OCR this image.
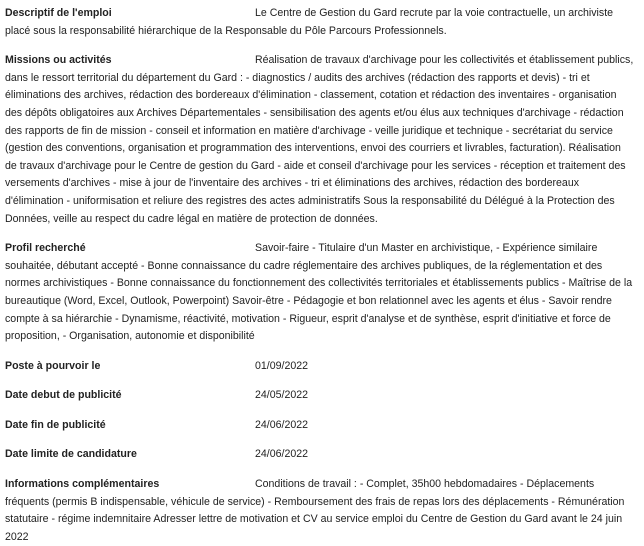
Descriptif de l'emploi	Le Centre de Gestion du Gard recrute par la voie contractuelle, un archiviste placé sous la responsabilité hiérarchique de la Responsable du Pôle Parcours Professionnels.
Missions ou activités	Réalisation de travaux d'archivage pour les collectivités et établissement publics, dans le ressort territorial du département du Gard : - diagnostics / audits des archives (rédaction des rapports et devis) - tri et éliminations des archives, rédaction des bordereaux d'élimination - classement, cotation et rédaction des inventaires - organisation des dépôts obligatoires aux Archives Départementales - sensibilisation des agents et/ou élus aux techniques d'archivage - rédaction des rapports de fin de mission - conseil et information en matière d'archivage - veille juridique et technique - secrétariat du service (gestion des conventions, organisation et programmation des interventions, envoi des courriers et livrables, facturation). Réalisation de travaux d'archivage pour le Centre de gestion du Gard - aide et conseil d'archivage pour les services - réception et traitement des versements d'archives - mise à jour de l'inventaire des archives - tri et éliminations des archives, rédaction des bordereaux d'élimination - uniformisation et reliure des registres des actes administratifs Sous la responsabilité du Délégué à la Protection des Données, veille au respect du cadre légal en matière de protection de données.
Profil recherché	Savoir-faire - Titulaire d'un Master en archivistique, - Expérience similaire souhaitée, débutant accepté - Bonne connaissance du cadre réglementaire des archives publiques, de la réglementation et des normes archivistiques - Bonne connaissance du fonctionnement des collectivités territoriales et établissements publics - Maîtrise de la bureautique (Word, Excel, Outlook, Powerpoint) Savoir-être - Pédagogie et bon relationnel avec les agents et élus - Savoir rendre compte à sa hiérarchie - Dynamisme, réactivité, motivation - Rigueur, esprit d'analyse et de synthèse, esprit d'initiative et force de proposition, - Organisation, autonomie et disponibilité
Poste à pourvoir le	01/09/2022
Date debut de publicité	24/05/2022
Date fin de publicité	24/06/2022
Date limite de candidature	24/06/2022
Informations complémentaires	Conditions de travail : - Complet, 35h00 hebdomadaires - Déplacements fréquents (permis B indispensable, véhicule de service) - Remboursement des frais de repas lors des déplacements - Rémunération statutaire - régime indemnitaire Adresser lettre de motivation et CV au service emploi du Centre de Gestion du Gard avant le 24 juin 2022
